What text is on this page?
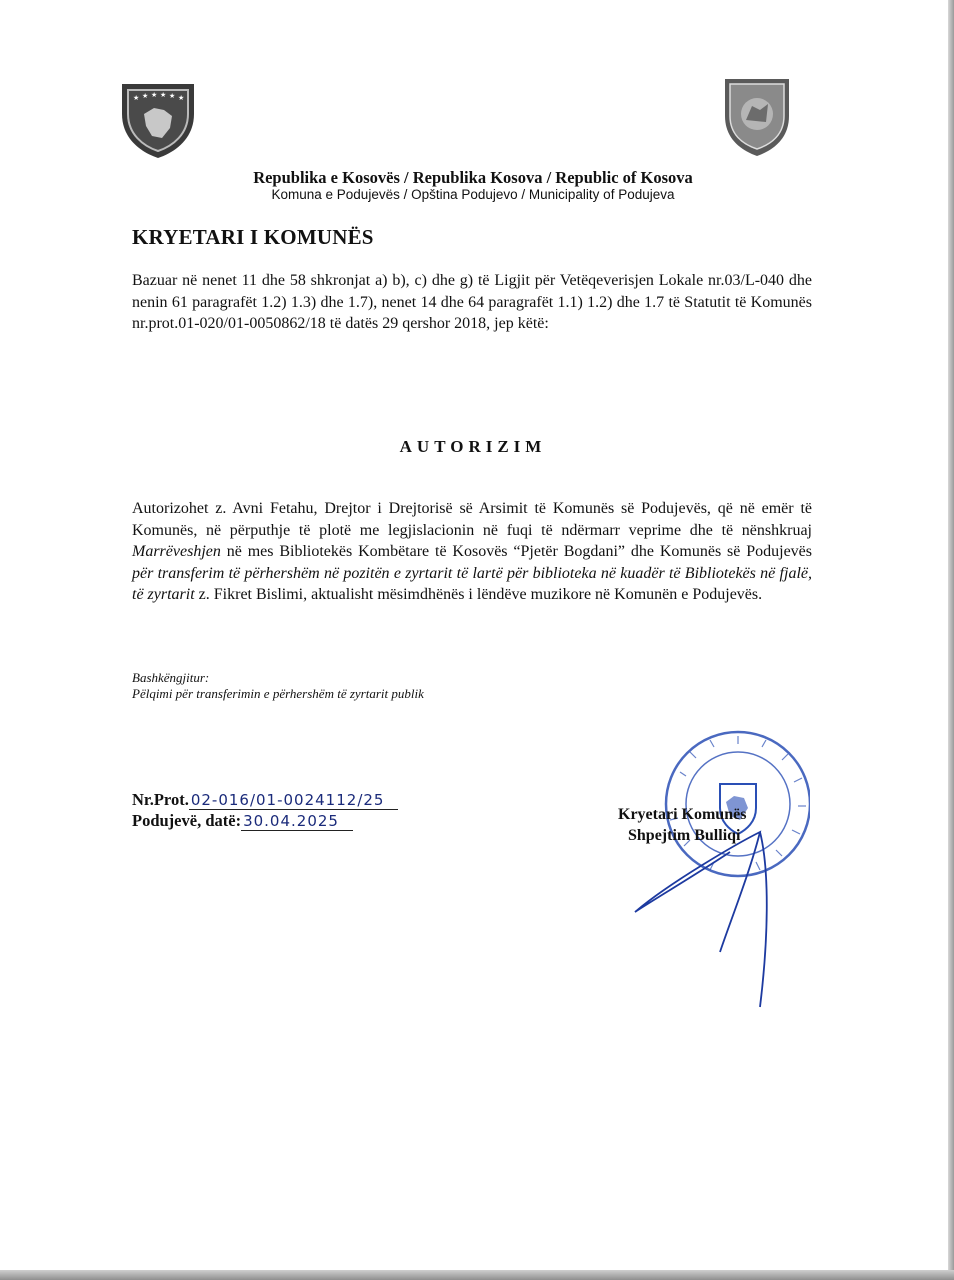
★ ★ ★ ★ ★ ★
Republika e Kosovës / Republika Kosova / Republic of Kosova
Komuna e Podujevës / Opština Podujevo / Municipality of Podujeva
KRYETARI I KOMUNËS
Bazuar në nenet 11 dhe 58 shkronjat a) b), c) dhe g) të Ligjit për Vetëqeverisjen Lokale nr.03/L-040 dhe nenin 61 paragrafët 1.2) 1.3) dhe 1.7), nenet 14 dhe 64 paragrafët 1.1) 1.2) dhe 1.7 të Statutit të Komunës nr.prot.01-020/01-0050862/18 të datës 29 qershor 2018, jep këtë:
AUTORIZIM
Autorizohet z. Avni Fetahu, Drejtor i Drejtorisë së Arsimit të Komunës së Podujevës, që në emër të Komunës, në përputhje të plotë me legjislacionin në fuqi të ndërmarr veprime dhe të nënshkruaj Marrëveshjen në mes Bibliotekës Kombëtare të Kosovës “Pjetër Bogdani” dhe Komunës së Podujevës për transferim të përhershëm në pozitën e zyrtarit të lartë për biblioteka në kuadër të Bibliotekës në fjalë, të zyrtarit z. Fikret Bislimi, aktualisht mësimdhënës i lëndëve muzikore në Komunën e Podujevës.
Bashkëngjitur:
Pëlqimi për transferimin e përhershëm të zyrtarit publik
Nr.Prot. 02-016/01-0024112/25
Podujevë, datë: 30.04.2025	Kryetari Komunës
Shpejtim Bulliqi
